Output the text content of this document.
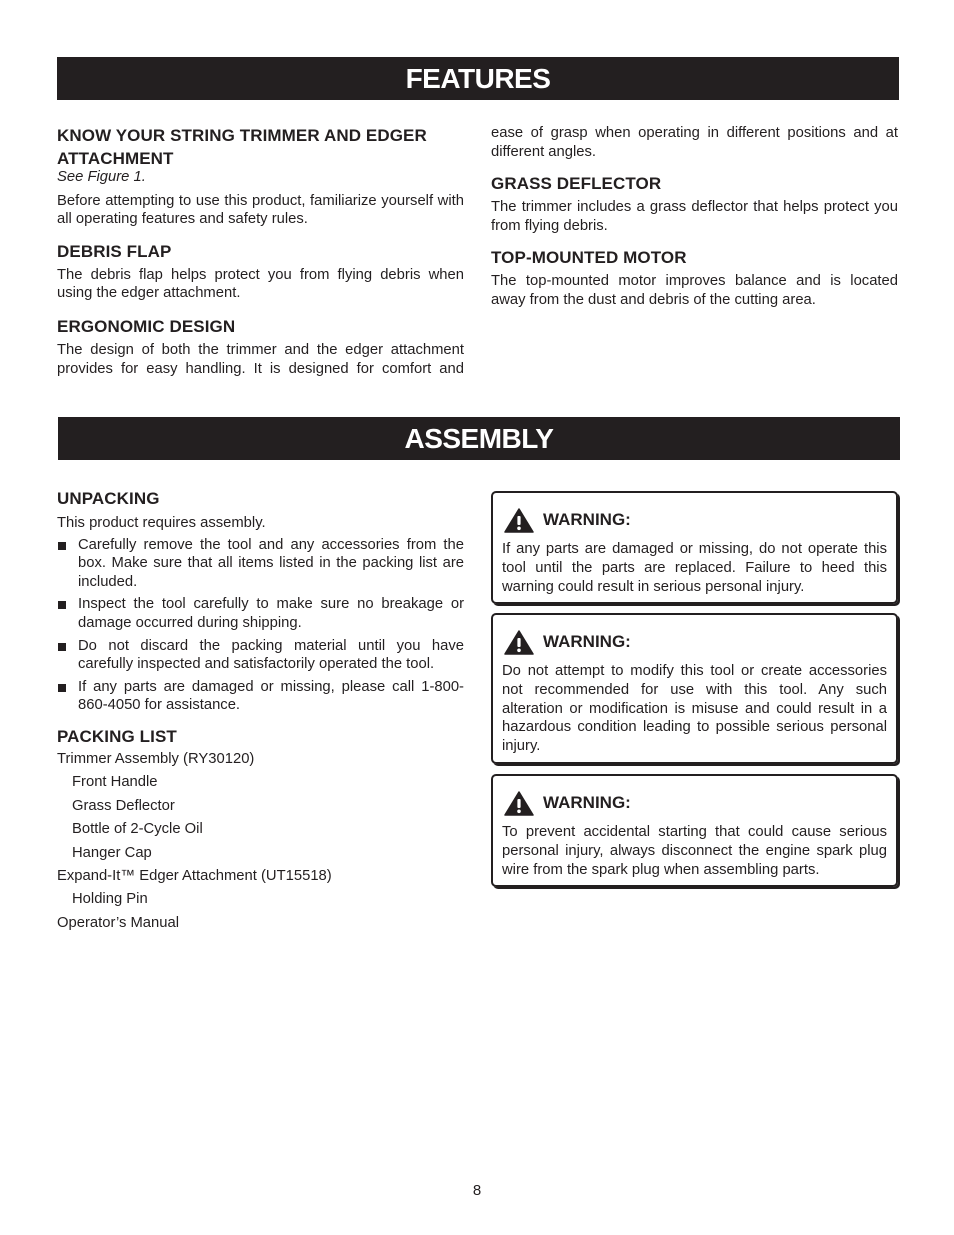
FEATURES
KNOW YOUR STRING TRIMMER AND EDGER ATTACHMENT

See Figure 1.

Before attempting to use this product, familiarize yourself with all operating features and safety rules.

DEBRIS FLAP

The debris flap helps protect you from flying debris when using the edger attachment.

ERGONOMIC DESIGN

The design of both the trimmer and the edger attachment provides for easy handling. It is designed for comfort and

ease of grasp when operating in different positions and at different angles.

GRASS DEFLECTOR

The trimmer includes a grass deflector that helps protect you from flying debris.

TOP-MOUNTED MOTOR

The top-mounted motor improves balance and is located away from the dust and debris of the cutting area.

ASSEMBLY
UNPACKING

This product requires assembly.

Carefully remove the tool and any accessories from the box. Make sure that all items listed in the packing list are included.
Inspect the tool carefully to make sure no breakage or damage occurred during shipping.
Do not discard the packing material until you have carefully inspected and satisfactorily operated the tool.
If any parts are damaged or missing, please call 1-800-860-4050 for assistance.
PACKING LIST
Trimmer Assembly (RY30120)
Front Handle
Grass Deflector
Bottle of 2-Cycle Oil
Hanger Cap
Expand-It™ Edger Attachment (UT15518)
Holding Pin
Operator’s Manual
WARNING:

If any parts are damaged or missing, do not operate this tool until the parts are replaced. Failure to heed this warning could result in serious personal injury.

WARNING:

Do not attempt to modify this tool or create accessories not recommended for use with this tool. Any such alteration or modification is misuse and could result in a hazardous condition leading to possible serious personal injury.

WARNING:

To prevent accidental starting that could cause serious personal injury, always disconnect the engine spark plug wire from the spark plug when assembling parts.

8
